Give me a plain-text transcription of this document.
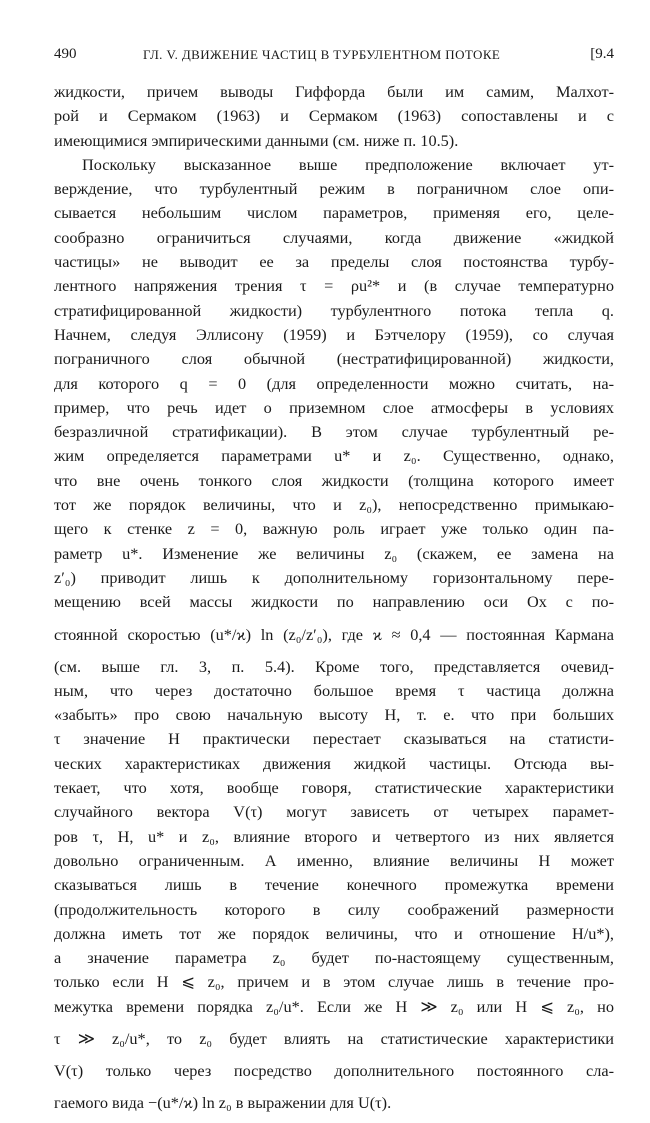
490	ГЛ. V. ДВИЖЕНИЕ ЧАСТИЦ В ТУРБУЛЕНТНОМ ПОТОКЕ	[9.4
жидкости, причем выводы Гиффорда были им самим, Малхот-
рой и Сермаком (1963) и Сермаком (1963) сопоставлены и с
имеющимися эмпирическими данными (см. ниже п. 10.5).
Поскольку высказанное выше предположение включает ут-
верждение, что турбулентный режим в пограничном слое опи-
сывается небольшим числом параметров, применяя его, целе-
сообразно ограничиться случаями, когда движение «жидкой
частицы» не выводит ее за пределы слоя постоянства турбу-
лентного напряжения трения τ = ρu²* и (в случае температурно
стратифицированной жидкости) турбулентного потока тепла q.
Начнем, следуя Эллисону (1959) и Бэтчелору (1959), со случая
пограничного слоя обычной (нестратифицированной) жидкости,
для которого q = 0 (для определенности можно считать, на-
пример, что речь идет о приземном слое атмосферы в условиях
безразличной стратификации). В этом случае турбулентный ре-
жим определяется параметрами u* и z₀. Существенно, однако,
что вне очень тонкого слоя жидкости (толщина которого имеет
тот же порядок величины, что и z₀), непосредственно примыкаю-
щего к стенке z = 0, важную роль играет уже только один па-
раметр u*. Изменение же величины z₀ (скажем, ее замена на
z′₀) приводит лишь к дополнительному горизонтальному пере-
мещению всей массы жидкости по направлению оси Ox с по-
стоянной скоростью (u*/ϰ) ln (z₀/z′₀), где ϰ ≈ 0,4 — постоянная Кармана
(см. выше гл. 3, п. 5.4). Кроме того, представляется очевид-
ным, что через достаточно большое время τ частица должна
«забыть» про свою начальную высоту H, т. е. что при больших
τ значение H практически перестает сказываться на статисти-
ческих характеристиках движения жидкой частицы. Отсюда вы-
текает, что хотя, вообще говоря, статистические характеристики
случайного вектора V(τ) могут зависеть от четырех парамет-
ров τ, H, u* и z₀, влияние второго и четвертого из них является
довольно ограниченным. А именно, влияние величины H может
сказываться лишь в течение конечного промежутка времени
(продолжительность которого в силу соображений размерности
должна иметь тот же порядок величины, что и отношение H/u*),
а значение параметра z₀ будет по-настоящему существенным,
только если H ⩽ z₀, причем и в этом случае лишь в течение про-
межутка времени порядка z₀/u*. Если же H ≫ z₀ или H ⩽ z₀, но
τ ≫ z₀/u*, то z₀ будет влиять на статистические характеристики
V(τ) только через посредство дополнительного постоянного сла-
гаемого вида −(u*/ϰ) ln z₀ в выражении для U(τ).
